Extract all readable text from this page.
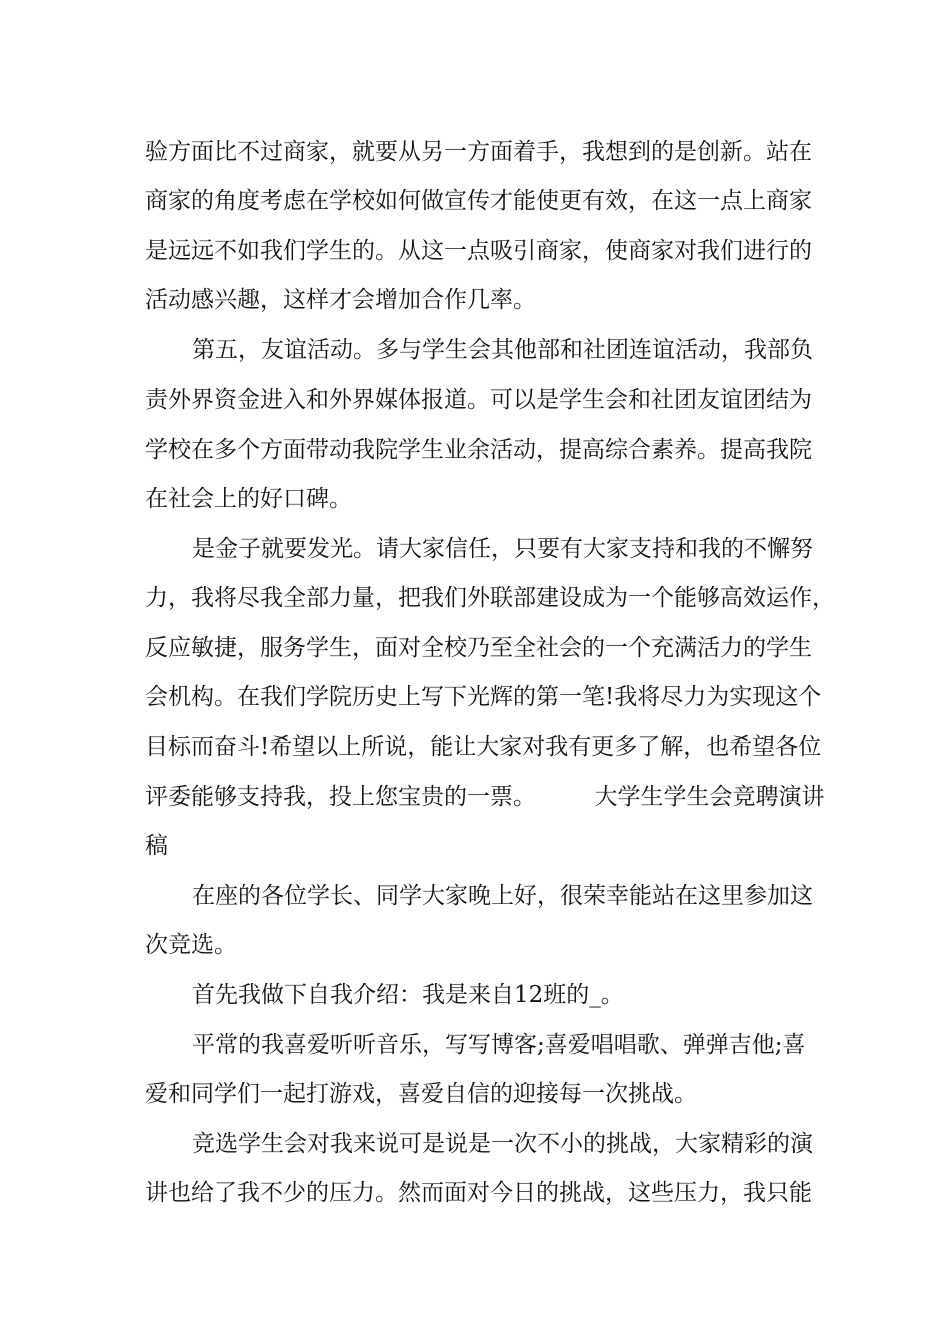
验方面比不过商家，就要从另一方面着手，我想到的是创新。站在

商家的角度考虑在学校如何做宣传才能使更有效，在这一点上商家

是远远不如我们学生的。从这一点吸引商家，使商家对我们进行的

活动感兴趣，这样才会增加合作几率。

第五，友谊活动。多与学生会其他部和社团连谊活动，我部负

责外界资金进入和外界媒体报道。可以是学生会和社团友谊团结为

学校在多个方面带动我院学生业余活动，提高综合素养。提高我院

在社会上的好口碑。

是金子就要发光。请大家信任，只要有大家支持和我的不懈努

力，我将尽我全部力量，把我们外联部建设成为一个能够高效运作，

反应敏捷，服务学生，面对全校乃至全社会的一个充满活力的学生

会机构。在我们学院历史上写下光辉的第一笔!我将尽力为实现这个

目标而奋斗!希望以上所说，能让大家对我有更多了解，也希望各位

评委能够支持我，投上您宝贵的一票。        大学生学生会竞聘演讲

稿

在座的各位学长、同学大家晚上好，很荣幸能站在这里参加这

次竞选。

首先我做下自我介绍：我是来自12班的_。

平常的我喜爱听听音乐，写写博客;喜爱唱唱歌、弹弹吉他;喜

爱和同学们一起打游戏，喜爱自信的迎接每一次挑战。

竞选学生会对我来说可是说是一次不小的挑战，大家精彩的演

讲也给了我不少的压力。然而面对今日的挑战，这些压力，我只能
